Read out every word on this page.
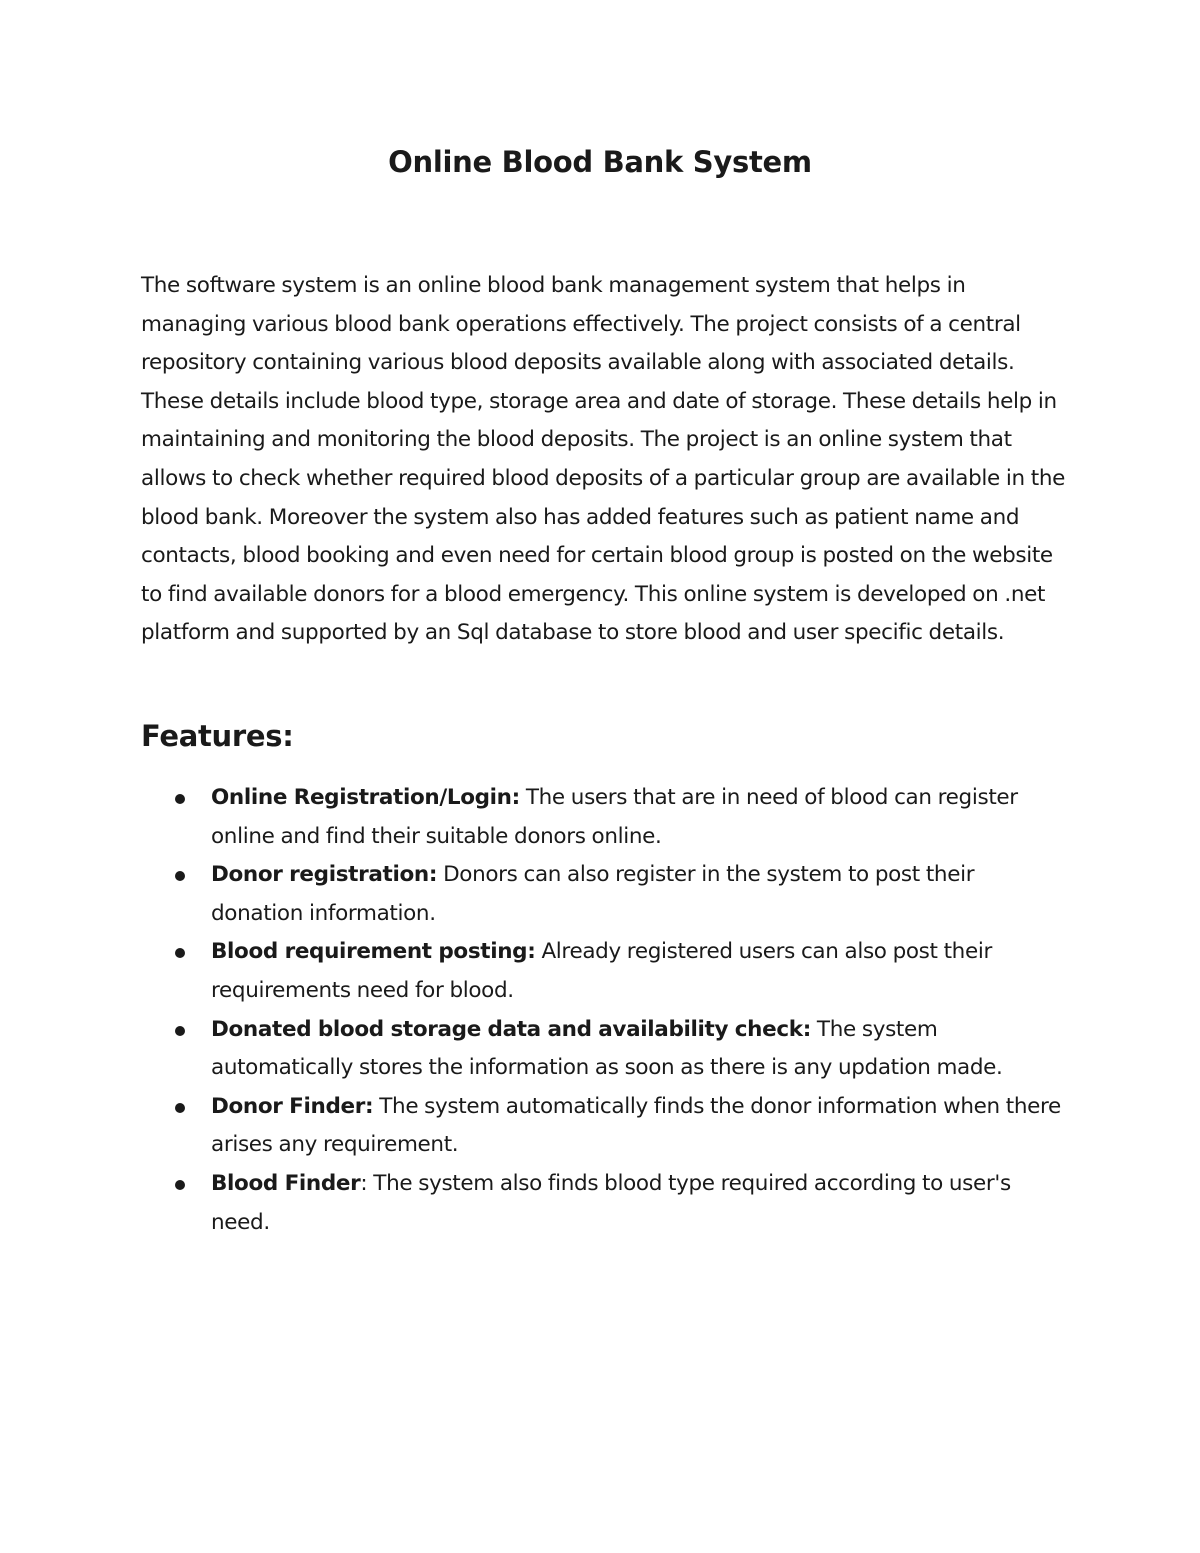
Online Blood Bank System

The software system is an online blood bank management system that helps in managing various blood bank operations effectively. The project consists of a central repository containing various blood deposits available along with associated details. These details include blood type, storage area and date of storage. These details help in maintaining and monitoring the blood deposits. The project is an online system that allows to check whether required blood deposits of a particular group are available in the blood bank. Moreover the system also has added features such as patient name and contacts, blood booking and even need for certain blood group is posted on the website to find available donors for a blood emergency. This online system is developed on .net platform and supported by an Sql database to store blood and user specific details.

Features:
Online Registration/Login: The users that are in need of blood can register online and find their suitable donors online.
Donor registration: Donors can also register in the system to post their donation information.
Blood requirement posting: Already registered users can also post their requirements need for blood.
Donated blood storage data and availability check: The system automatically stores the information as soon as there is any updation made.
Donor Finder: The system automatically finds the donor information when there arises any requirement.
Blood Finder: The system also finds blood type required according to user's need.
